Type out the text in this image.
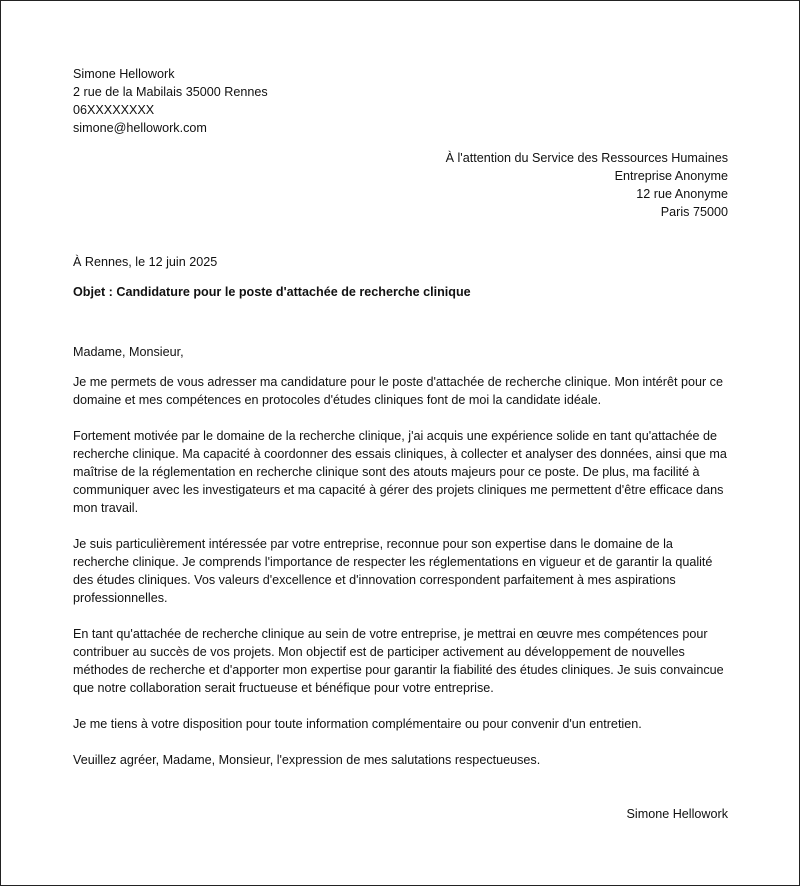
Simone Hellowork
2 rue de la Mabilais 35000 Rennes
06XXXXXXXX
simone@hellowork.com
À l'attention du Service des Ressources Humaines
Entreprise Anonyme
12 rue Anonyme
Paris 75000
À Rennes, le 12 juin 2025
Objet : Candidature pour le poste d'attachée de recherche clinique
Madame, Monsieur,

Je me permets de vous adresser ma candidature pour le poste d'attachée de recherche clinique. Mon intérêt pour ce domaine et mes compétences en protocoles d'études cliniques font de moi la candidate idéale.

Fortement motivée par le domaine de la recherche clinique, j'ai acquis une expérience solide en tant qu'attachée de recherche clinique. Ma capacité à coordonner des essais cliniques, à collecter et analyser des données, ainsi que ma maîtrise de la réglementation en recherche clinique sont des atouts majeurs pour ce poste. De plus, ma facilité à communiquer avec les investigateurs et ma capacité à gérer des projets cliniques me permettent d'être efficace dans mon travail.

Je suis particulièrement intéressée par votre entreprise, reconnue pour son expertise dans le domaine de la recherche clinique. Je comprends l'importance de respecter les réglementations en vigueur et de garantir la qualité des études cliniques. Vos valeurs d'excellence et d'innovation correspondent parfaitement à mes aspirations professionnelles.

En tant qu'attachée de recherche clinique au sein de votre entreprise, je mettrai en œuvre mes compétences pour contribuer au succès de vos projets. Mon objectif est de participer activement au développement de nouvelles méthodes de recherche et d'apporter mon expertise pour garantir la fiabilité des études cliniques. Je suis convaincue que notre collaboration serait fructueuse et bénéfique pour votre entreprise.

Je me tiens à votre disposition pour toute information complémentaire ou pour convenir d'un entretien.

Veuillez agréer, Madame, Monsieur, l'expression de mes salutations respectueuses.

Simone Hellowork
